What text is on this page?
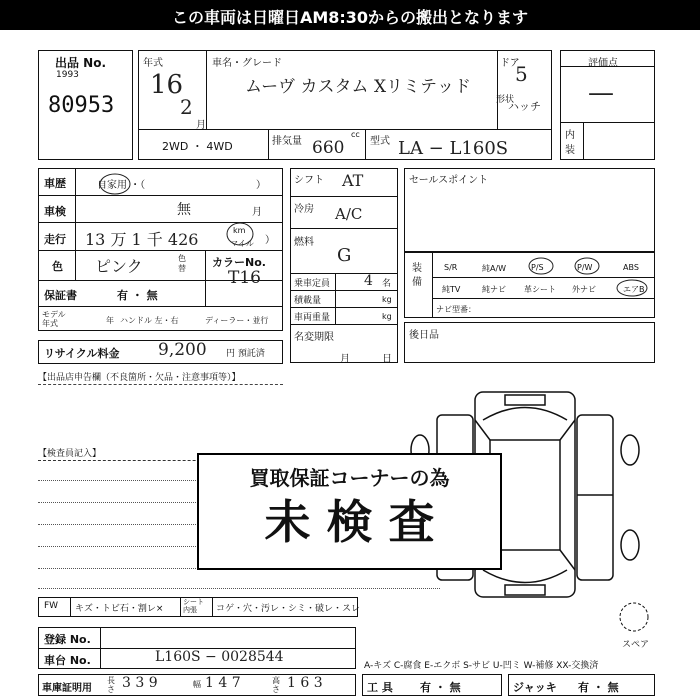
この車両は日曜日AM8:30からの搬出となります
出品 No.
1993
80953
年式
16
2
月
車名・グレード
ムーヴ カスタム Xリミテッド
ドア
5
形状
ハッチ
2WD ・ 4WD	排気量 660
cc
型式 LA − L160S
評価点
—
内装
車歴	自家用 ・（	）
車検	無	月
走行 13 万 1 千 426	km
マイル ）
色 ピンク	色替 カラーNo.
T16
保証書	有 ・ 無
モデル年式	年 ハンドル 左・右	ディーラー・並行
リサイクル料金 9,200 円 預託済
シフト AT
冷房 A/C
燃料
G
乗車定員 4 名
積載量	kg
車両重量	kg
名変期限
月	日
セールスポイント
装備
S/R	純A/W	P/S	P/W	ABS
純TV	純ナビ 革シート 外ナビ	エアB
ナビ型番：
後日品
【出品店申告欄（不良箇所・欠品・注意事項等）】
【検査員記入】
スペア
買取保証コーナーの為
未 検 査
FW キズ・トビ石・割レ×
シート内張	コゲ・穴・汚レ・シミ・破レ・スレ
登録 No.
車台 No.	L160S − 0028544
A-キズ C-腐食 E-エクボ S-サビ U-凹ミ W-補修 XX-交換済
車庫証明用
長さ 3 3 9	幅 1 4 7	高さ 1 6 3	工 具 有 ・ 無	ジャッキ 有 ・ 無
